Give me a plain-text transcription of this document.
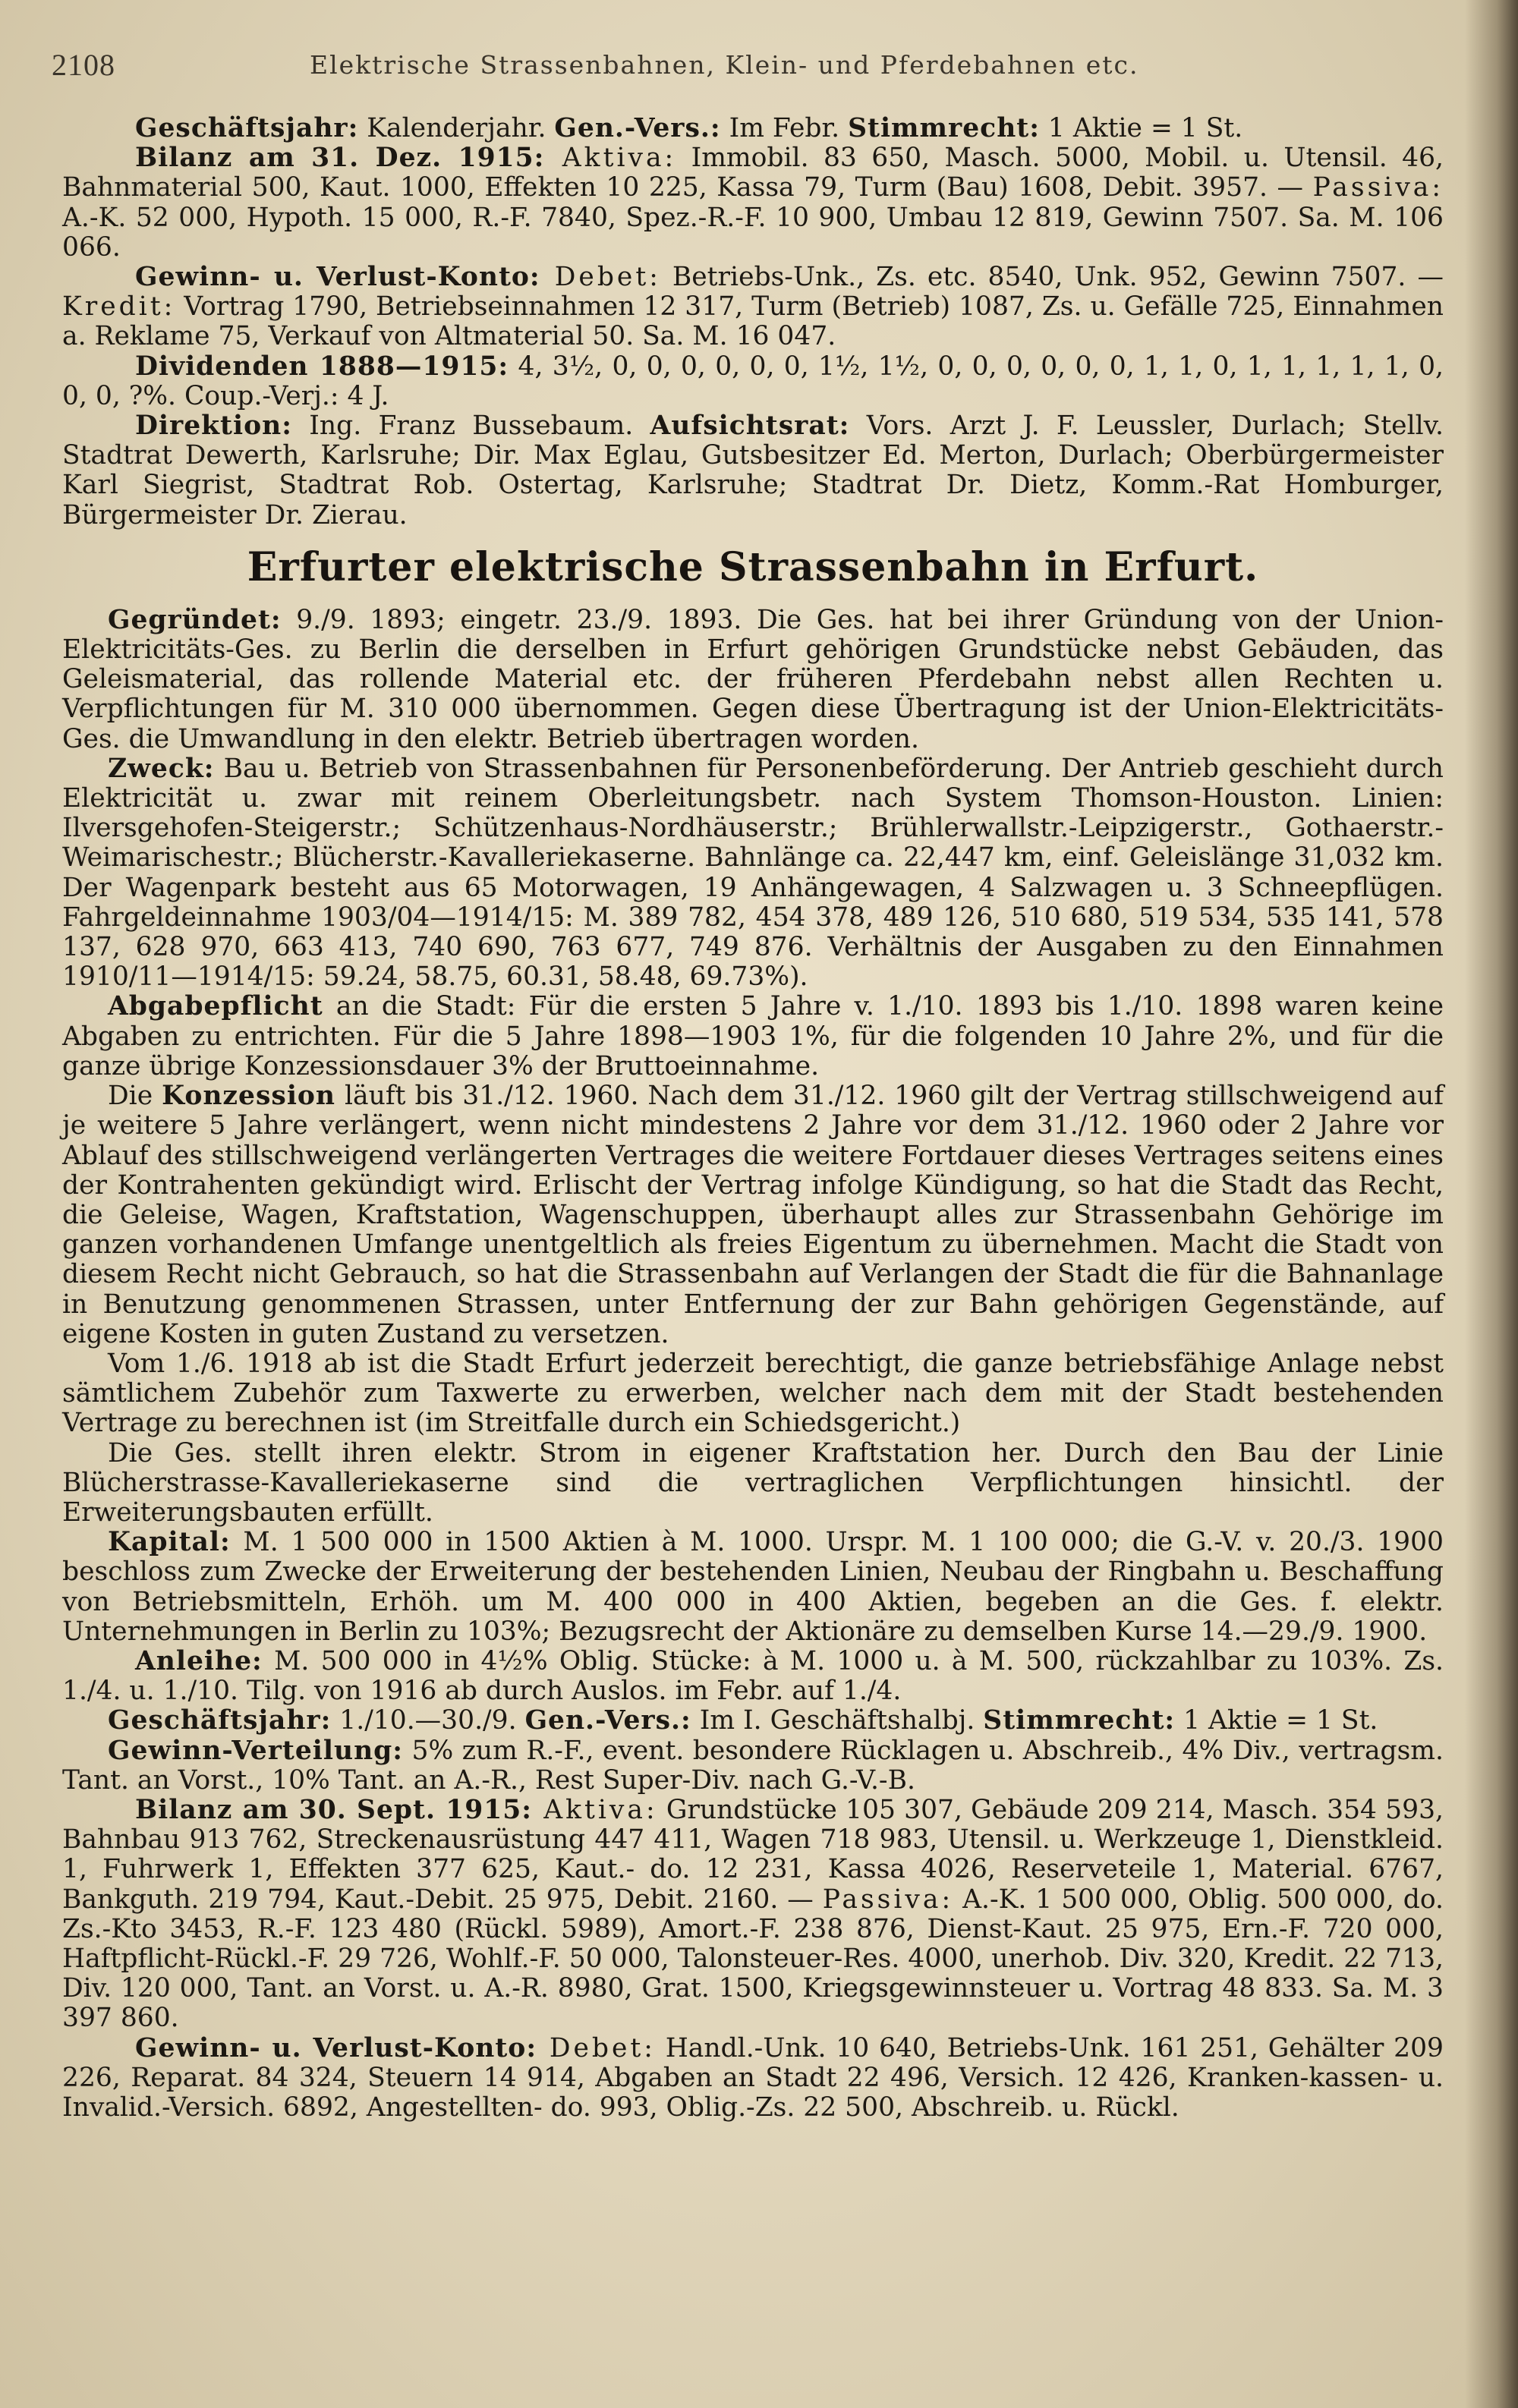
2108	Elektrische Strassenbahnen, Klein- und Pferdebahnen etc.

Geschäftsjahr: Kalenderjahr. Gen.-Vers.: Im Febr. Stimmrecht: 1 Aktie = 1 St.

Bilanz am 31. Dez. 1915: Aktiva: Immobil. 83 650, Masch. 5000, Mobil. u. Utensil. 46, Bahnmaterial 500, Kaut. 1000, Effekten 10 225, Kassa 79, Turm (Bau) 1608, Debit. 3957. — Passiva: A.-K. 52 000, Hypoth. 15 000, R.-F. 7840, Spez.-R.-F. 10 900, Umbau 12 819, Gewinn 7507. Sa. M. 106 066.

Gewinn- u. Verlust-Konto: Debet: Betriebs-Unk., Zs. etc. 8540, Unk. 952, Gewinn 7507. — Kredit: Vortrag 1790, Betriebseinnahmen 12 317, Turm (Betrieb) 1087, Zs. u. Gefälle 725, Einnahmen a. Reklame 75, Verkauf von Altmaterial 50. Sa. M. 16 047.

Dividenden 1888—1915: 4, 3½, 0, 0, 0, 0, 0, 0, 1½, 1½, 0, 0, 0, 0, 0, 0, 1, 1, 0, 1, 1, 1, 1, 1, 0, 0, 0, ?%. Coup.-Verj.: 4 J.

Direktion: Ing. Franz Bussebaum. Aufsichtsrat: Vors. Arzt J. F. Leussler, Durlach; Stellv. Stadtrat Dewerth, Karlsruhe; Dir. Max Eglau, Gutsbesitzer Ed. Merton, Durlach; Oberbürgermeister Karl Siegrist, Stadtrat Rob. Ostertag, Karlsruhe; Stadtrat Dr. Dietz, Komm.-Rat Homburger, Bürgermeister Dr. Zierau.

Erfurter elektrische Strassenbahn in Erfurt.

Gegründet: 9./9. 1893; eingetr. 23./9. 1893. Die Ges. hat bei ihrer Gründung von der Union-Elektricitäts-Ges. zu Berlin die derselben in Erfurt gehörigen Grundstücke nebst Gebäuden, das Geleismaterial, das rollende Material etc. der früheren Pferdebahn nebst allen Rechten u. Verpflichtungen für M. 310 000 übernommen. Gegen diese Übertragung ist der Union-Elektricitäts-Ges. die Umwandlung in den elektr. Betrieb übertragen worden.

Zweck: Bau u. Betrieb von Strassenbahnen für Personenbeförderung. Der Antrieb geschieht durch Elektricität u. zwar mit reinem Oberleitungsbetr. nach System Thomson-Houston. Linien: Ilversgehofen-Steigerstr.; Schützenhaus-Nordhäuserstr.; Brühlerwallstr.-Leipzigerstr., Gothaerstr.-Weimarischestr.; Blücherstr.-Kavalleriekaserne. Bahnlänge ca. 22,447 km, einf. Geleislänge 31,032 km. Der Wagenpark besteht aus 65 Motorwagen, 19 Anhängewagen, 4 Salzwagen u. 3 Schneepflügen. Fahrgeldeinnahme 1903/04—1914/15: M. 389 782, 454 378, 489 126, 510 680, 519 534, 535 141, 578 137, 628 970, 663 413, 740 690, 763 677, 749 876. Verhältnis der Ausgaben zu den Einnahmen 1910/11—1914/15: 59.24, 58.75, 60.31, 58.48, 69.73%).

Abgabepflicht an die Stadt: Für die ersten 5 Jahre v. 1./10. 1893 bis 1./10. 1898 waren keine Abgaben zu entrichten. Für die 5 Jahre 1898—1903 1%, für die folgenden 10 Jahre 2%, und für die ganze übrige Konzessionsdauer 3% der Bruttoeinnahme.

Die Konzession läuft bis 31./12. 1960. Nach dem 31./12. 1960 gilt der Vertrag stillschweigend auf je weitere 5 Jahre verlängert, wenn nicht mindestens 2 Jahre vor dem 31./12. 1960 oder 2 Jahre vor Ablauf des stillschweigend verlängerten Vertrages die weitere Fortdauer dieses Vertrages seitens eines der Kontrahenten gekündigt wird. Erlischt der Vertrag infolge Kündigung, so hat die Stadt das Recht, die Geleise, Wagen, Kraftstation, Wagenschuppen, überhaupt alles zur Strassenbahn Gehörige im ganzen vorhandenen Umfange unentgeltlich als freies Eigentum zu übernehmen. Macht die Stadt von diesem Recht nicht Gebrauch, so hat die Strassenbahn auf Verlangen der Stadt die für die Bahnanlage in Benutzung genommenen Strassen, unter Entfernung der zur Bahn gehörigen Gegenstände, auf eigene Kosten in guten Zustand zu versetzen.

Vom 1./6. 1918 ab ist die Stadt Erfurt jederzeit berechtigt, die ganze betriebsfähige Anlage nebst sämtlichem Zubehör zum Taxwerte zu erwerben, welcher nach dem mit der Stadt bestehenden Vertrage zu berechnen ist (im Streitfalle durch ein Schiedsgericht.)

Die Ges. stellt ihren elektr. Strom in eigener Kraftstation her. Durch den Bau der Linie Blücherstrasse-Kavalleriekaserne sind die vertraglichen Verpflichtungen hinsichtl. der Erweiterungsbauten erfüllt.

Kapital: M. 1 500 000 in 1500 Aktien à M. 1000. Urspr. M. 1 100 000; die G.-V. v. 20./3. 1900 beschloss zum Zwecke der Erweiterung der bestehenden Linien, Neubau der Ringbahn u. Beschaffung von Betriebsmitteln, Erhöh. um M. 400 000 in 400 Aktien, begeben an die Ges. f. elektr. Unternehmungen in Berlin zu 103%; Bezugsrecht der Aktionäre zu demselben Kurse 14.—29./9. 1900.

Anleihe: M. 500 000 in 4½% Oblig. Stücke: à M. 1000 u. à M. 500, rückzahlbar zu 103%. Zs. 1./4. u. 1./10. Tilg. von 1916 ab durch Auslos. im Febr. auf 1./4.

Geschäftsjahr: 1./10.—30./9. Gen.-Vers.: Im I. Geschäftshalbj. Stimmrecht: 1 Aktie = 1 St.

Gewinn-Verteilung: 5% zum R.-F., event. besondere Rücklagen u. Abschreib., 4% Div., vertragsm. Tant. an Vorst., 10% Tant. an A.-R., Rest Super-Div. nach G.-V.-B.

Bilanz am 30. Sept. 1915: Aktiva: Grundstücke 105 307, Gebäude 209 214, Masch. 354 593, Bahnbau 913 762, Streckenausrüstung 447 411, Wagen 718 983, Utensil. u. Werkzeuge 1, Dienstkleid. 1, Fuhrwerk 1, Effekten 377 625, Kaut.- do. 12 231, Kassa 4026, Reserveteile 1, Material. 6767, Bankguth. 219 794, Kaut.-Debit. 25 975, Debit. 2160. — Passiva: A.-K. 1 500 000, Oblig. 500 000, do. Zs.-Kto 3453, R.-F. 123 480 (Rückl. 5989), Amort.-F. 238 876, Dienst-Kaut. 25 975, Ern.-F. 720 000, Haftpflicht-Rückl.-F. 29 726, Wohlf.-F. 50 000, Talonsteuer-Res. 4000, unerhob. Div. 320, Kredit. 22 713, Div. 120 000, Tant. an Vorst. u. A.-R. 8980, Grat. 1500, Kriegsgewinnsteuer u. Vortrag 48 833. Sa. M. 3 397 860.

Gewinn- u. Verlust-Konto: Debet: Handl.-Unk. 10 640, Betriebs-Unk. 161 251, Gehälter 209 226, Reparat. 84 324, Steuern 14 914, Abgaben an Stadt 22 496, Versich. 12 426, Kranken-kassen- u. Invalid.-Versich. 6892, Angestellten- do. 993, Oblig.-Zs. 22 500, Abschreib. u. Rückl.
